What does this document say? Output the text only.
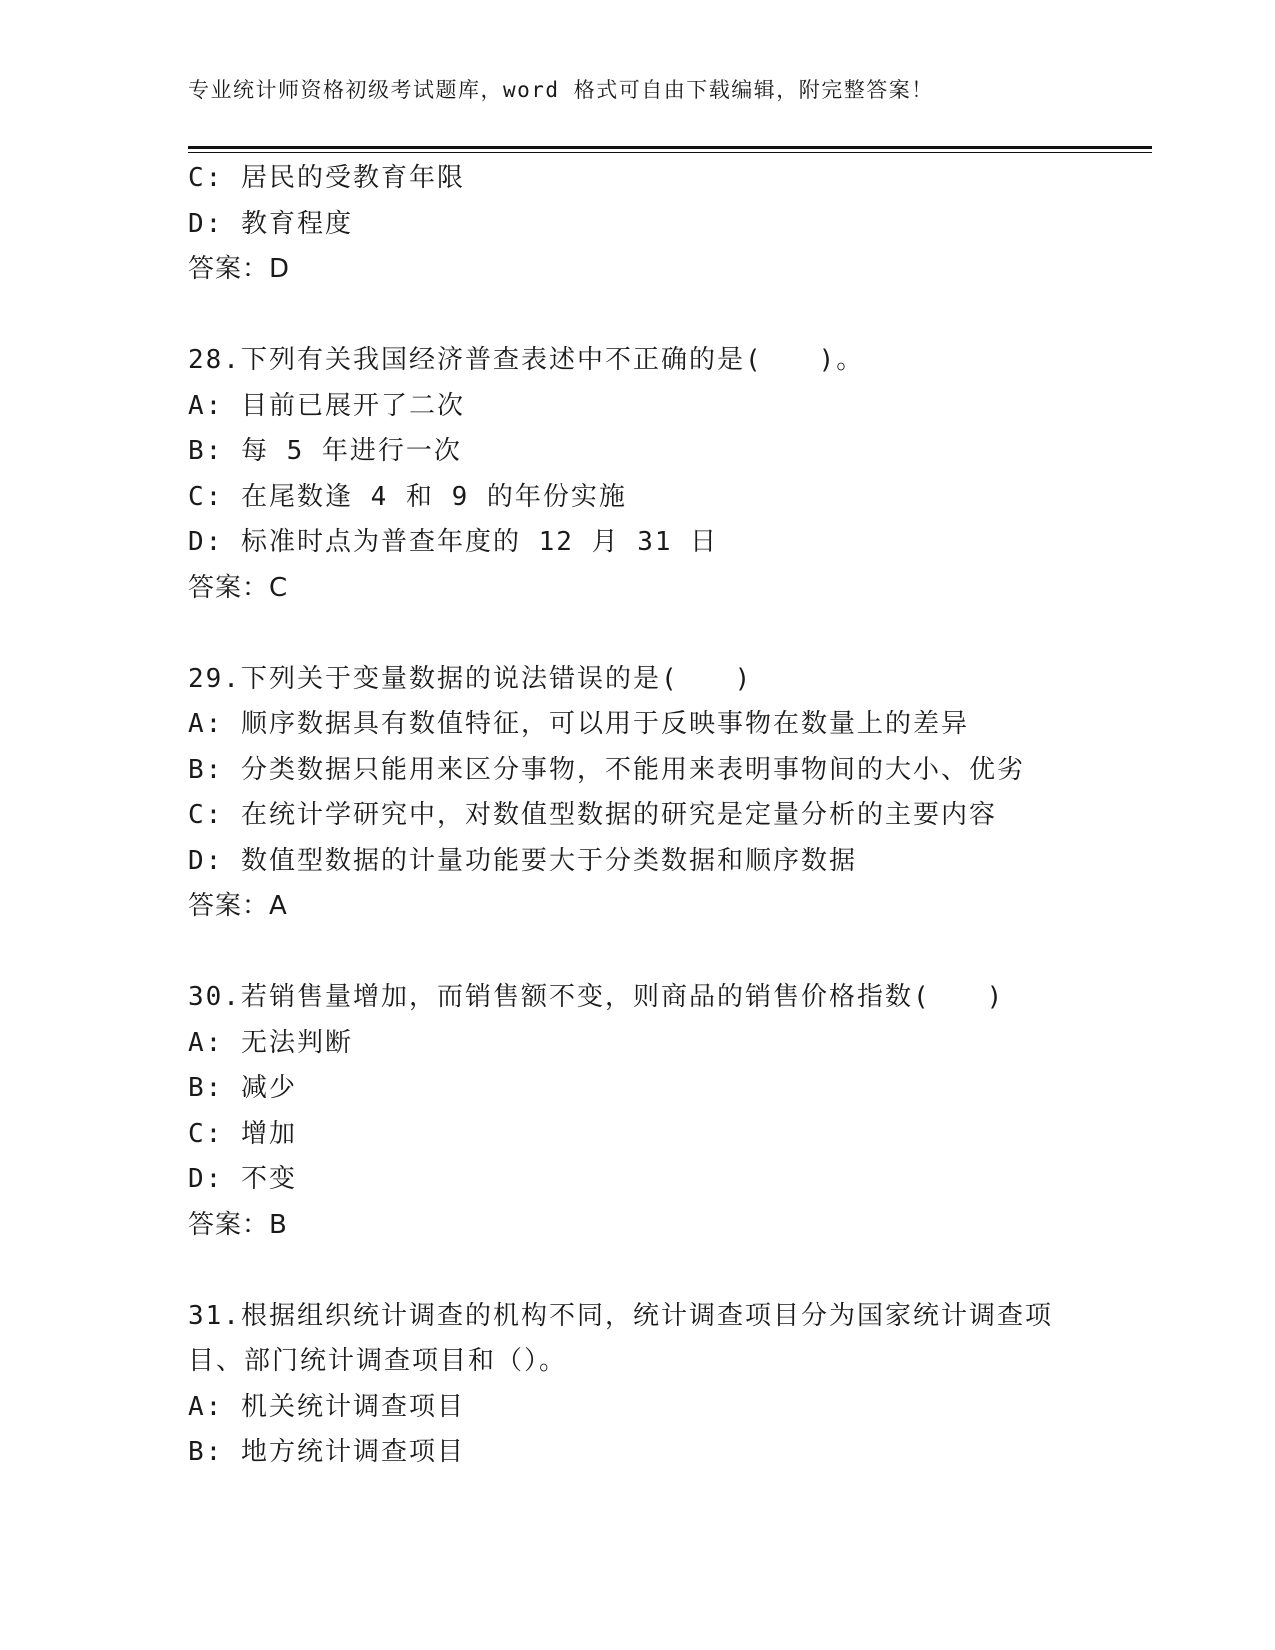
专业统计师资格初级考试题库，word 格式可自由下载编辑，附完整答案！
C: 居民的受教育年限
D: 教育程度
答案：D
28.下列有关我国经济普查表述中不正确的是(　　)。
A: 目前已展开了二次
B: 每 5 年进行一次
C: 在尾数逢 4 和 9 的年份实施
D: 标准时点为普查年度的 12 月 31 日
答案：C
29.下列关于变量数据的说法错误的是(　　)
A: 顺序数据具有数值特征，可以用于反映事物在数量上的差异
B: 分类数据只能用来区分事物，不能用来表明事物间的大小、优劣
C: 在统计学研究中，对数值型数据的研究是定量分析的主要内容
D: 数值型数据的计量功能要大于分类数据和顺序数据
答案：A
30.若销售量增加，而销售额不变，则商品的销售价格指数(　　)
A: 无法判断
B: 减少
C: 增加
D: 不变
答案：B
31.根据组织统计调查的机构不同，统计调查项目分为国家统计调查项目、部门统计调查项目和（）。
A: 机关统计调查项目
B: 地方统计调查项目
